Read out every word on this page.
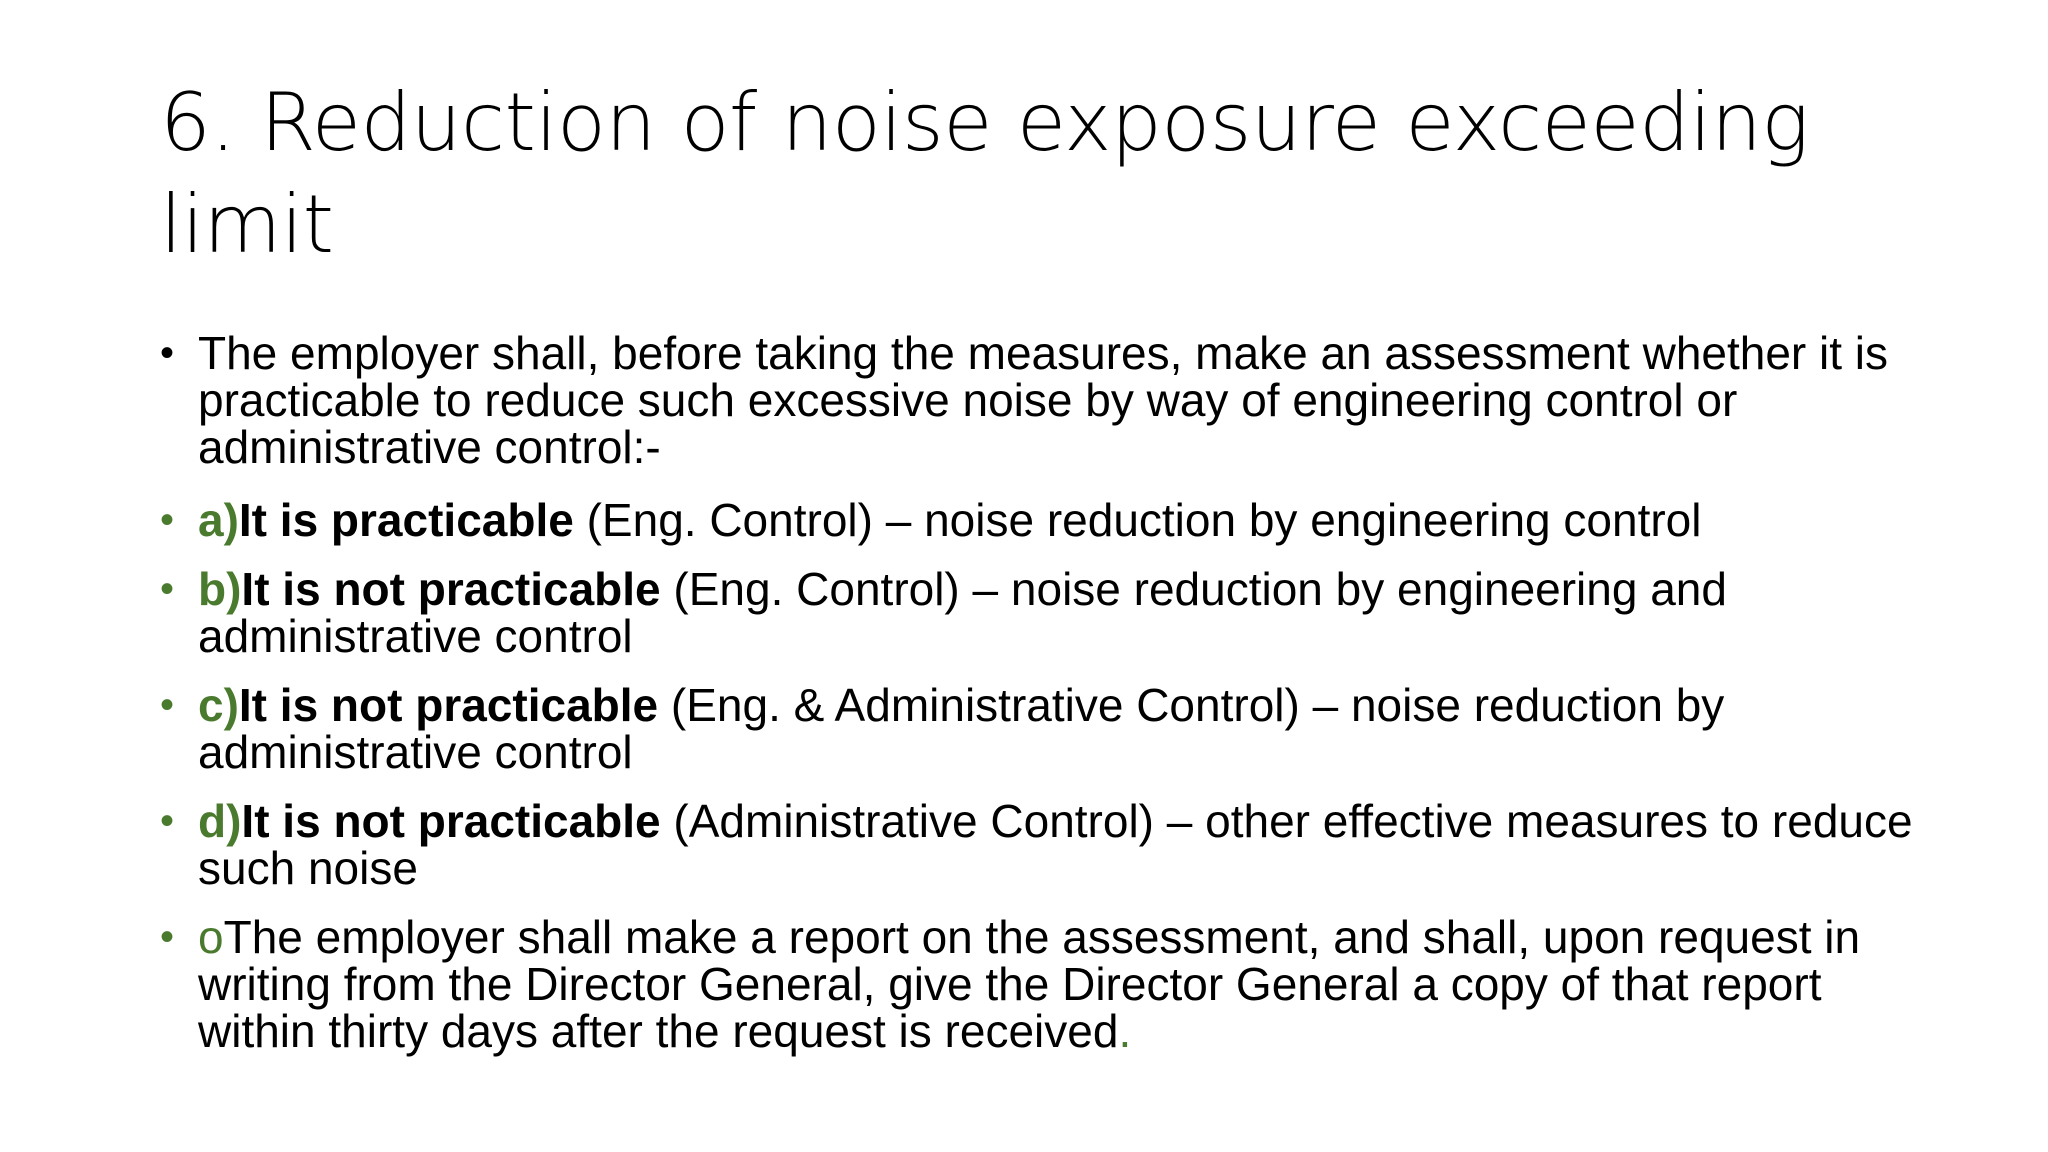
6. Reduction of noise exposure exceeding limit
• The employer shall, before taking the measures, make an assessment whether it is practicable to reduce such excessive noise by way of engineering control or administrative control:-
• a)It is practicable (Eng. Control) – noise reduction by engineering control
• b)It is not practicable (Eng. Control) – noise reduction by engineering and administrative control
• c)It is not practicable (Eng. & Administrative Control) – noise reduction by administrative control
• d)It is not practicable (Administrative Control) – other effective measures to reduce such noise
• oThe employer shall make a report on the assessment, and shall, upon request in writing from the Director General, give the Director General a copy of that report within thirty days after the request is received.
